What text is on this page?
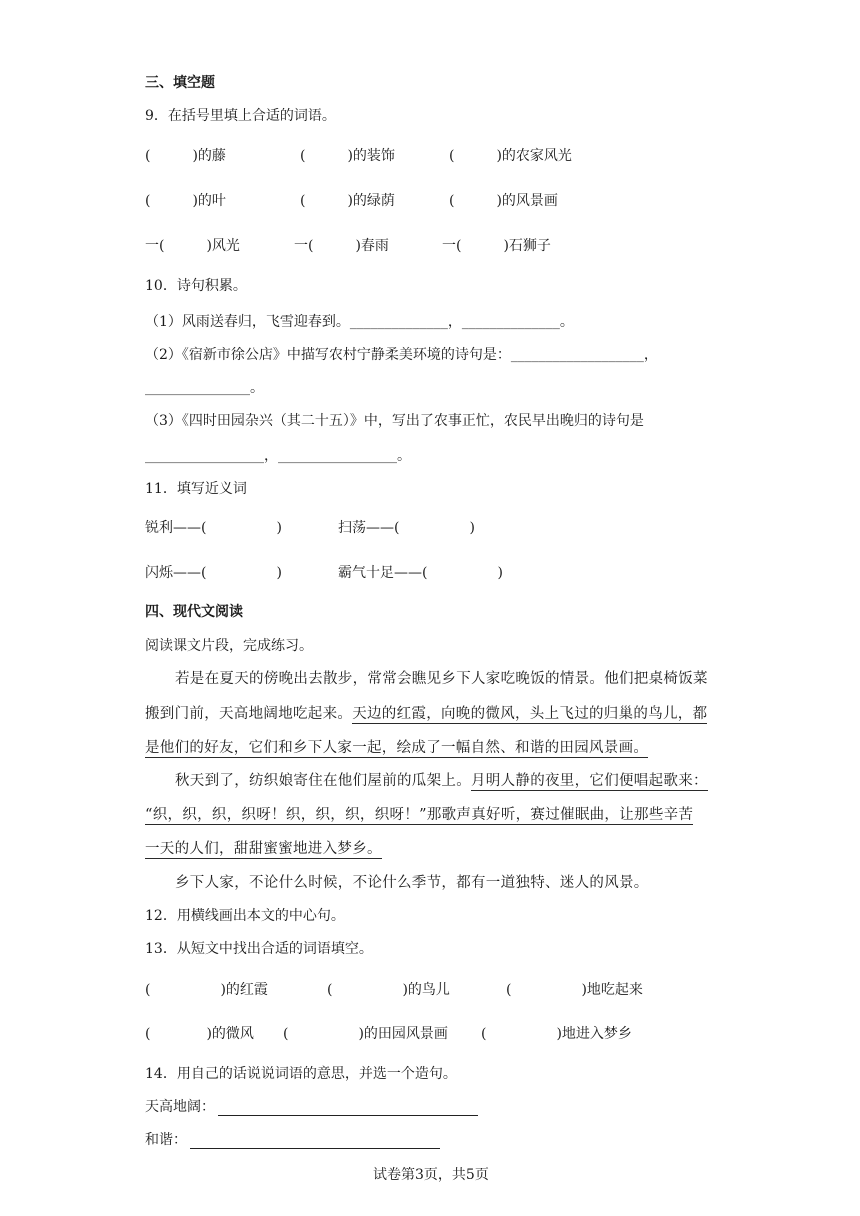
三、填空题
9．在括号里填上合适的词语。
(　　　)的藤	(　　　)的装饰	(　　　)的农家风光
(　　　)的叶	(　　　)的绿荫	(　　　)的风景画
一(　　　)风光	一(　　　)春雨	一(　　　)石狮子
10．诗句积累。
（1）风雨送春归，飞雪迎春到。______________，______________。
（2）《宿新市徐公店》中描写农村宁静柔美环境的诗句是：___________________，
_______________。
（3）《四时田园杂兴（其二十五）》中，写出了农事正忙，农民早出晚归的诗句是
_________________，_________________。
11．填写近义词
锐利——(　　　　　)	扫荡——(　　　　　)
闪烁——(　　　　　)	霸气十足——(　　　　　)
四、现代文阅读
阅读课文片段，完成练习。
若是在夏天的傍晚出去散步，常常会瞧见乡下人家吃晚饭的情景。他们把桌椅饭菜
搬到门前，天高地阔地吃起来。天边的红霞，向晚的微风，头上飞过的归巢的鸟儿，都
是他们的好友，它们和乡下人家一起，绘成了一幅自然、和谐的田园风景画。
秋天到了，纺织娘寄住在他们屋前的瓜架上。月明人静的夜里，它们便唱起歌来：
“织，织，织，织呀！织，织，织，织呀！”那歌声真好听，赛过催眠曲，让那些辛苦
一天的人们，甜甜蜜蜜地进入梦乡。
乡下人家，不论什么时候，不论什么季节，都有一道独特、迷人的风景。
12．用横线画出本文的中心句。
13．从短文中找出合适的词语填空。
(　　　　　)的红霞	(　　　　　)的鸟儿	(　　　　　)地吃起来
(　　　　)的微风 (　　　　　)的田园风景画 (　　　　　)地进入梦乡
14．用自己的话说说词语的意思，并选一个造句。
天高地阔：
和谐：
试卷第3页，共5页
